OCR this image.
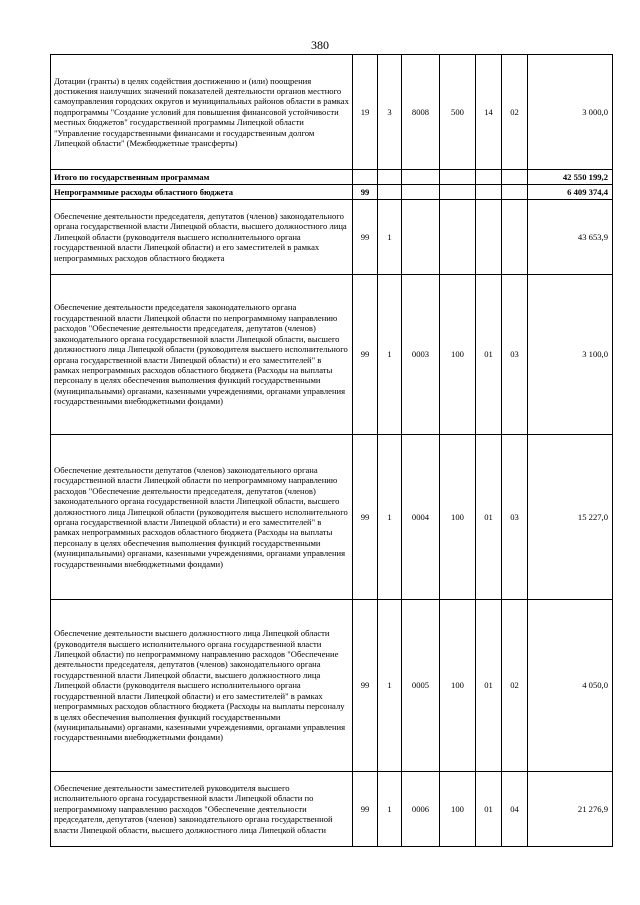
380
Дотации (гранты) в целях содействия достижению и (или) поощрения достижения наилучших значений показателей деятельности органов местного самоуправления городских округов и муниципальных районов области в рамках подпрограммы "Создание условий для повышения финансовой устойчивости местных бюджетов" государственной программы Липецкой области "Управление государственными финансами и государственным долгом Липецкой области" (Межбюджетные трансферты)	19	3	8008	500	14	02	3 000,0
Итого по государственным программам							42 550 199,2
Непрограммные расходы областного бюджета	99						6 409 374,4
Обеспечение деятельности председателя, депутатов (членов) законодательного органа государственной власти Липецкой области, высшего должностного лица Липецкой области (руководителя высшего исполнительного органа государственной власти Липецкой области) и его заместителей в рамках непрограммных расходов областного бюджета	99	1					43 653,9
Обеспечение деятельности председателя законодательного органа государственной власти Липецкой области по непрограммному направлению расходов "Обеспечение деятельности председателя, депутатов (членов) законодательного органа государственной власти Липецкой области, высшего должностного лица Липецкой области (руководителя высшего исполнительного органа государственной власти Липецкой области) и его заместителей" в рамках непрограммных расходов областного бюджета (Расходы на выплаты персоналу в целях обеспечения выполнения функций государственными (муниципальными) органами, казенными учреждениями, органами управления государственными внебюджетными фондами)	99	1	0003	100	01	03	3 100,0
Обеспечение деятельности депутатов (членов) законодательного органа государственной власти Липецкой области по непрограммному направлению расходов "Обеспечение деятельности председателя, депутатов (членов) законодательного органа государственной власти Липецкой области, высшего должностного лица Липецкой области (руководителя высшего исполнительного органа государственной власти Липецкой области) и его заместителей" в рамках непрограммных расходов областного бюджета (Расходы на выплаты персоналу в целях обеспечения выполнения функций государственными (муниципальными) органами, казенными учреждениями, органами управления государственными внебюджетными фондами)	99	1	0004	100	01	03	15 227,0
Обеспечение деятельности высшего должностного лица Липецкой области (руководителя высшего исполнительного органа государственной власти Липецкой области) по непрограммному направлению расходов "Обеспечение деятельности председателя, депутатов (членов) законодательного органа государственной власти Липецкой области, высшего должностного лица Липецкой области (руководителя высшего исполнительного органа государственной власти Липецкой области) и его заместителей" в рамках непрограммных расходов областного бюджета (Расходы на выплаты персоналу в целях обеспечения выполнения функций государственными (муниципальными) органами, казенными учреждениями, органами управления государственными внебюджетными фондами)	99	1	0005	100	01	02	4 050,0
Обеспечение деятельности заместителей руководителя высшего исполнительного органа государственной власти Липецкой области по непрограммному направлению расходов "Обеспечение деятельности председателя, депутатов (членов) законодательного органа государственной власти Липецкой области, высшего должностного лица Липецкой области	99	1	0006	100	01	04	21 276,9
